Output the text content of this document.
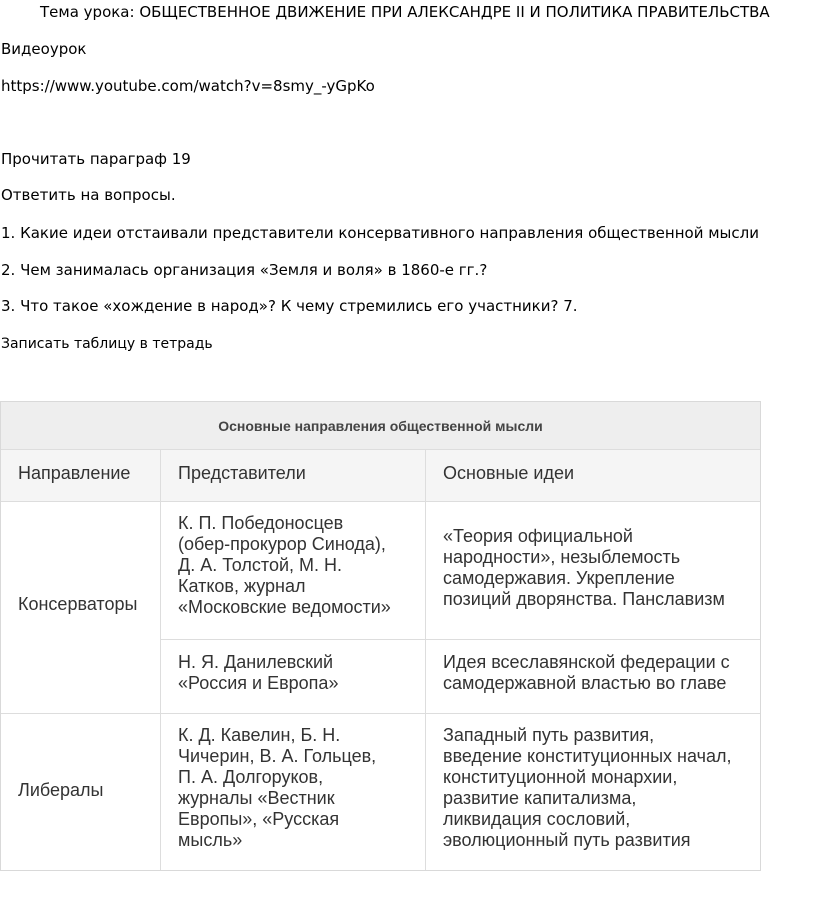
Тема урока: ОБЩЕСТВЕННОЕ ДВИЖЕНИЕ ПРИ АЛЕКСАНДРЕ II И ПОЛИТИКА ПРАВИТЕЛЬСТВА
Видеоурок
https://www.youtube.com/watch?v=8smy_-yGpKo
Прочитать параграф 19
Ответить на вопросы.
1. Какие идеи отстаивали представители консервативного направления общественной мысли
2. Чем занималась организация «Земля и воля» в 1860-е гг.?
3. Что такое «хождение в народ»? К чему стремились его участники? 7.
Записать таблицу в тетрадь
Основные направления общественной мысли
Направление	Представители	Основные идеи
Консерваторы
К. П. Победоносцев
(обер-прокурор Синода),
Д. А. Толстой, М. Н.
Катков, журнал
«Московские ведомости»
«Теория официальной
народности», незыблемость
самодержавия. Укрепление
позиций дворянства. Панславизм
Н. Я. Данилевский
«Россия и Европа»
Идея всеславянской федерации с
самодержавной властью во главе
Либералы
К. Д. Кавелин, Б. Н.
Чичерин, В. А. Гольцев,
П. А. Долгоруков,
журналы «Вестник
Европы», «Русская
мысль»
Западный путь развития,
введение конституционных начал,
конституционной монархии,
развитие капитализма,
ликвидация сословий,
эволюционный путь развития
